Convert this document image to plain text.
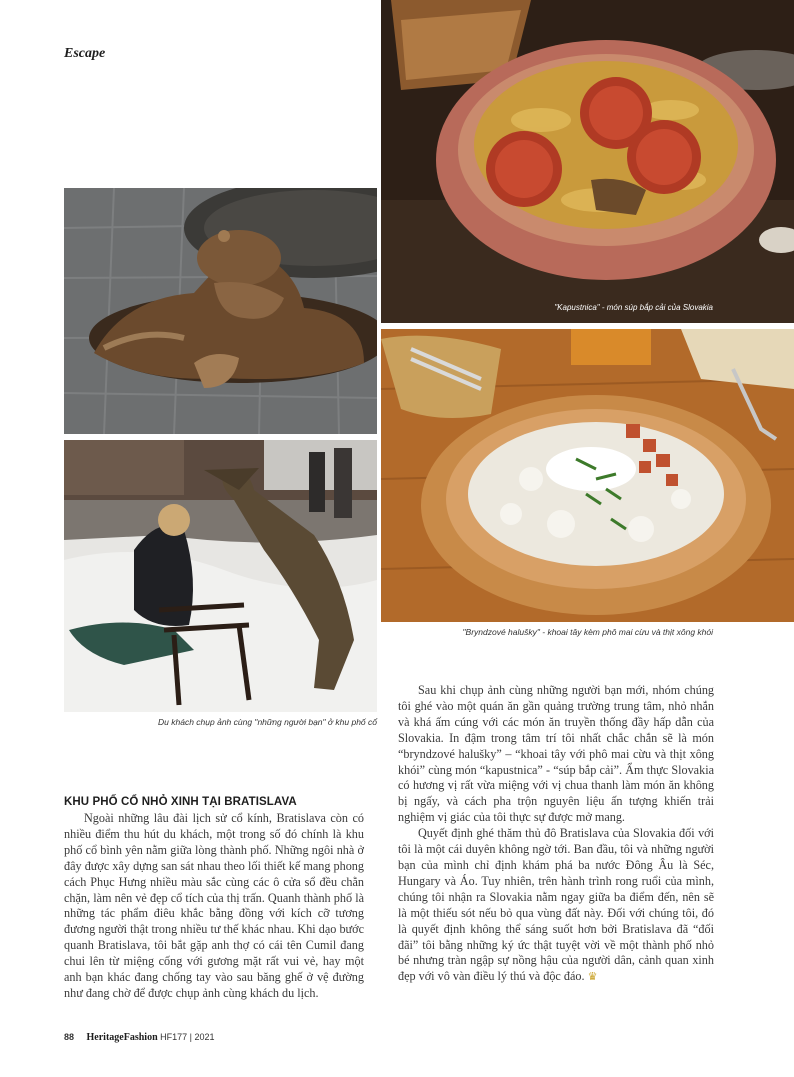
Escape
"Kapustnica" - món súp bắp cải của Slovakia
Du khách chụp ảnh cùng "những người bạn" ở khu phố cổ
"Bryndzové halušky" - khoai tây kèm phô mai cừu và thịt xông khói
KHU PHỐ CỔ NHỎ XINH TẠI BRATISLAVA

Ngoài những lâu đài lịch sử cổ kính, Bratislava còn có nhiều điểm thu hút du khách, một trong số đó chính là khu phố cổ bình yên nằm giữa lòng thành phố. Những ngôi nhà ở đây được xây dựng san sát nhau theo lối thiết kế mang phong cách Phục Hưng nhiều màu sắc cùng các ô cửa sổ đều chằn chặn, làm nên vẻ đẹp cổ tích của thị trấn. Quanh thành phố là những tác phẩm điêu khắc bằng đồng với kích cỡ tương đương người thật trong nhiều tư thế khác nhau. Khi dạo bước quanh Bratislava, tôi bắt gặp anh thợ có cái tên Cumil đang chui lên từ miệng cống với gương mặt rất vui vẻ, hay một anh bạn khác đang chống tay vào sau băng ghế ở vệ đường như đang chờ để được chụp ảnh cùng khách du lịch.

Sau khi chụp ảnh cùng những người bạn mới, nhóm chúng tôi ghé vào một quán ăn gần quảng trường trung tâm, nhỏ nhắn và khá ấm cúng với các món ăn truyền thống đầy hấp dẫn của Slovakia. In đậm trong tâm trí tôi nhất chắc chắn sẽ là món “bryndzové halušky” – “khoai tây với phô mai cừu và thịt xông khói” cùng món “kapustnica” - “súp bắp cải”. Ẩm thực Slovakia có hương vị rất vừa miệng với vị chua thanh làm món ăn không bị ngấy, và cách pha trộn nguyên liệu ấn tượng khiến trải nghiệm vị giác của tôi thực sự được mở mang.

Quyết định ghé thăm thủ đô Bratislava của Slovakia đối với tôi là một cái duyên không ngờ tới. Ban đầu, tôi và những người bạn của mình chỉ định khám phá ba nước Đông Âu là Séc, Hungary và Áo. Tuy nhiên, trên hành trình rong ruổi của mình, chúng tôi nhận ra Slovakia nằm ngay giữa ba điểm đến, nên sẽ là một thiếu sót nếu bỏ qua vùng đất này. Đối với chúng tôi, đó là quyết định không thể sáng suốt hơn bởi Bratislava đã “đối đãi” tôi bằng những ký ức thật tuyệt vời về một thành phố nhỏ bé nhưng tràn ngập sự nồng hậu của người dân, cảnh quan xinh đẹp với vô vàn điều lý thú và độc đáo. ♛

88 HeritageFashion HF177 | 2021
